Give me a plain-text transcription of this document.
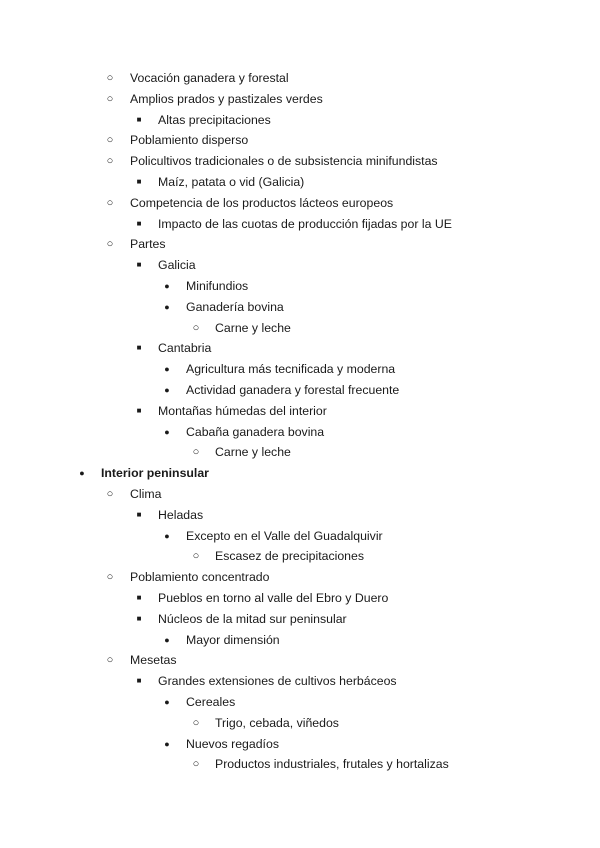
○ Vocación ganadera y forestal
○ Amplios prados y pastizales verdes
■ Altas precipitaciones
○ Poblamiento disperso
○ Policultivos tradicionales o de subsistencia minifundistas
■ Maíz, patata o vid (Galicia)
○ Competencia de los productos lácteos europeos
■ Impacto de las cuotas de producción fijadas por la UE
○ Partes
■ Galicia
● Minifundios
● Ganadería bovina
○ Carne y leche
■ Cantabria
● Agricultura más tecnificada y moderna
● Actividad ganadera y forestal frecuente
■ Montañas húmedas del interior
● Cabaña ganadera bovina
○ Carne y leche
● Interior peninsular
○ Clima
■ Heladas
● Excepto en el Valle del Guadalquivir
○ Escasez de precipitaciones
○ Poblamiento concentrado
■ Pueblos en torno al valle del Ebro y Duero
■ Núcleos de la mitad sur peninsular
● Mayor dimensión
○ Mesetas
■ Grandes extensiones de cultivos herbáceos
● Cereales
○ Trigo, cebada, viñedos
● Nuevos regadíos
○ Productos industriales, frutales y hortalizas
